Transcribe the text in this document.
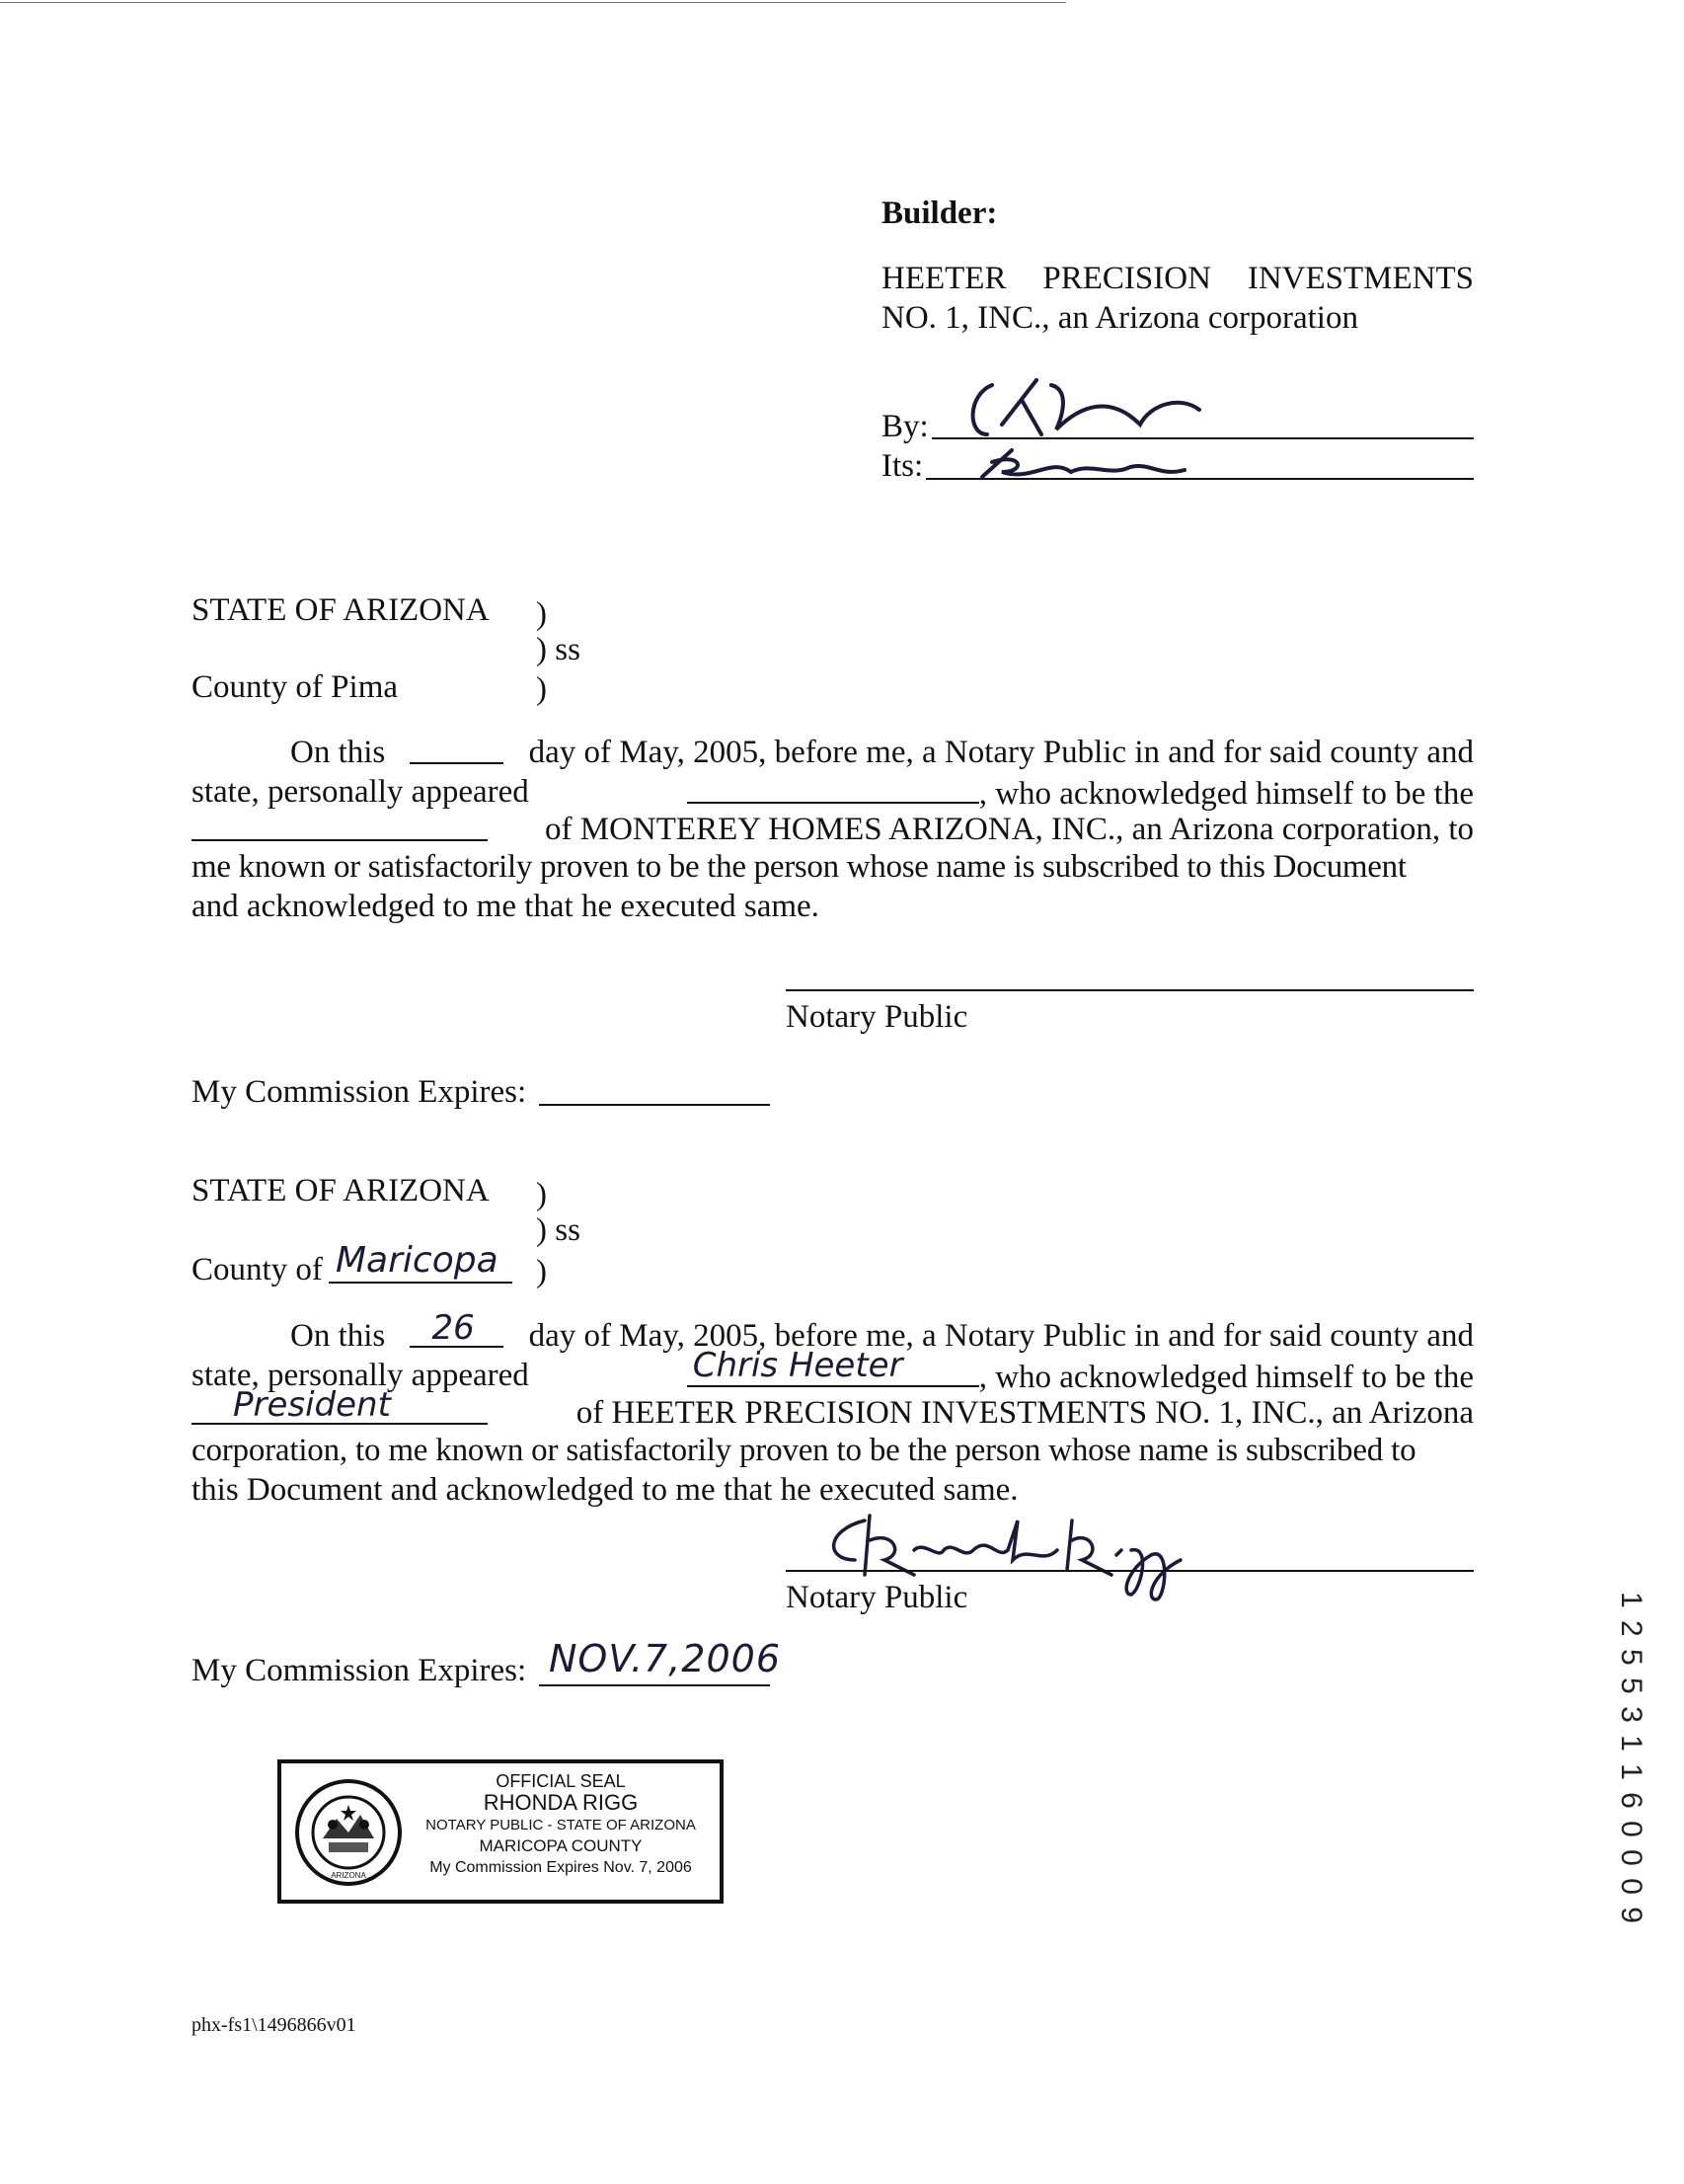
Builder:
HEETER PRECISION INVESTMENTS
NO. 1, INC., an Arizona corporation
By:
Its:
STATE OF ARIZONA )
) ss
County of Pima	)
On this	day of May, 2005, before me, a Notary Public in and for said county and
state, personally appeared	, who acknowledged himself to be the
of MONTEREY HOMES ARIZONA, INC., an Arizona corporation, to
me known or satisfactorily proven to be the person whose name is subscribed to this Document
and acknowledged to me that he executed same.
Notary Public
My Commission Expires:
STATE OF ARIZONA )
) ss
County of Maricopa )
On this 26 day of May, 2005, before me, a Notary Public in and for said county and
state, personally appeared	Chris Heeter , who acknowledged himself to be the
President	of HEETER PRECISION INVESTMENTS NO. 1, INC., an Arizona
corporation, to me known or satisfactorily proven to be the person whose name is subscribed to
this Document and acknowledged to me that he executed same.
Notary Public
My Commission Expires: NOV.7,2006
ARIZONA
OFFICIAL SEAL
RHONDA RIGG
NOTARY PUBLIC - STATE OF ARIZONA
MARICOPA COUNTY
My Commission Expires Nov. 7, 2006	1 2 5 5 3 1 1 6 0 0 0 9
phx-fs1\1496866v01
